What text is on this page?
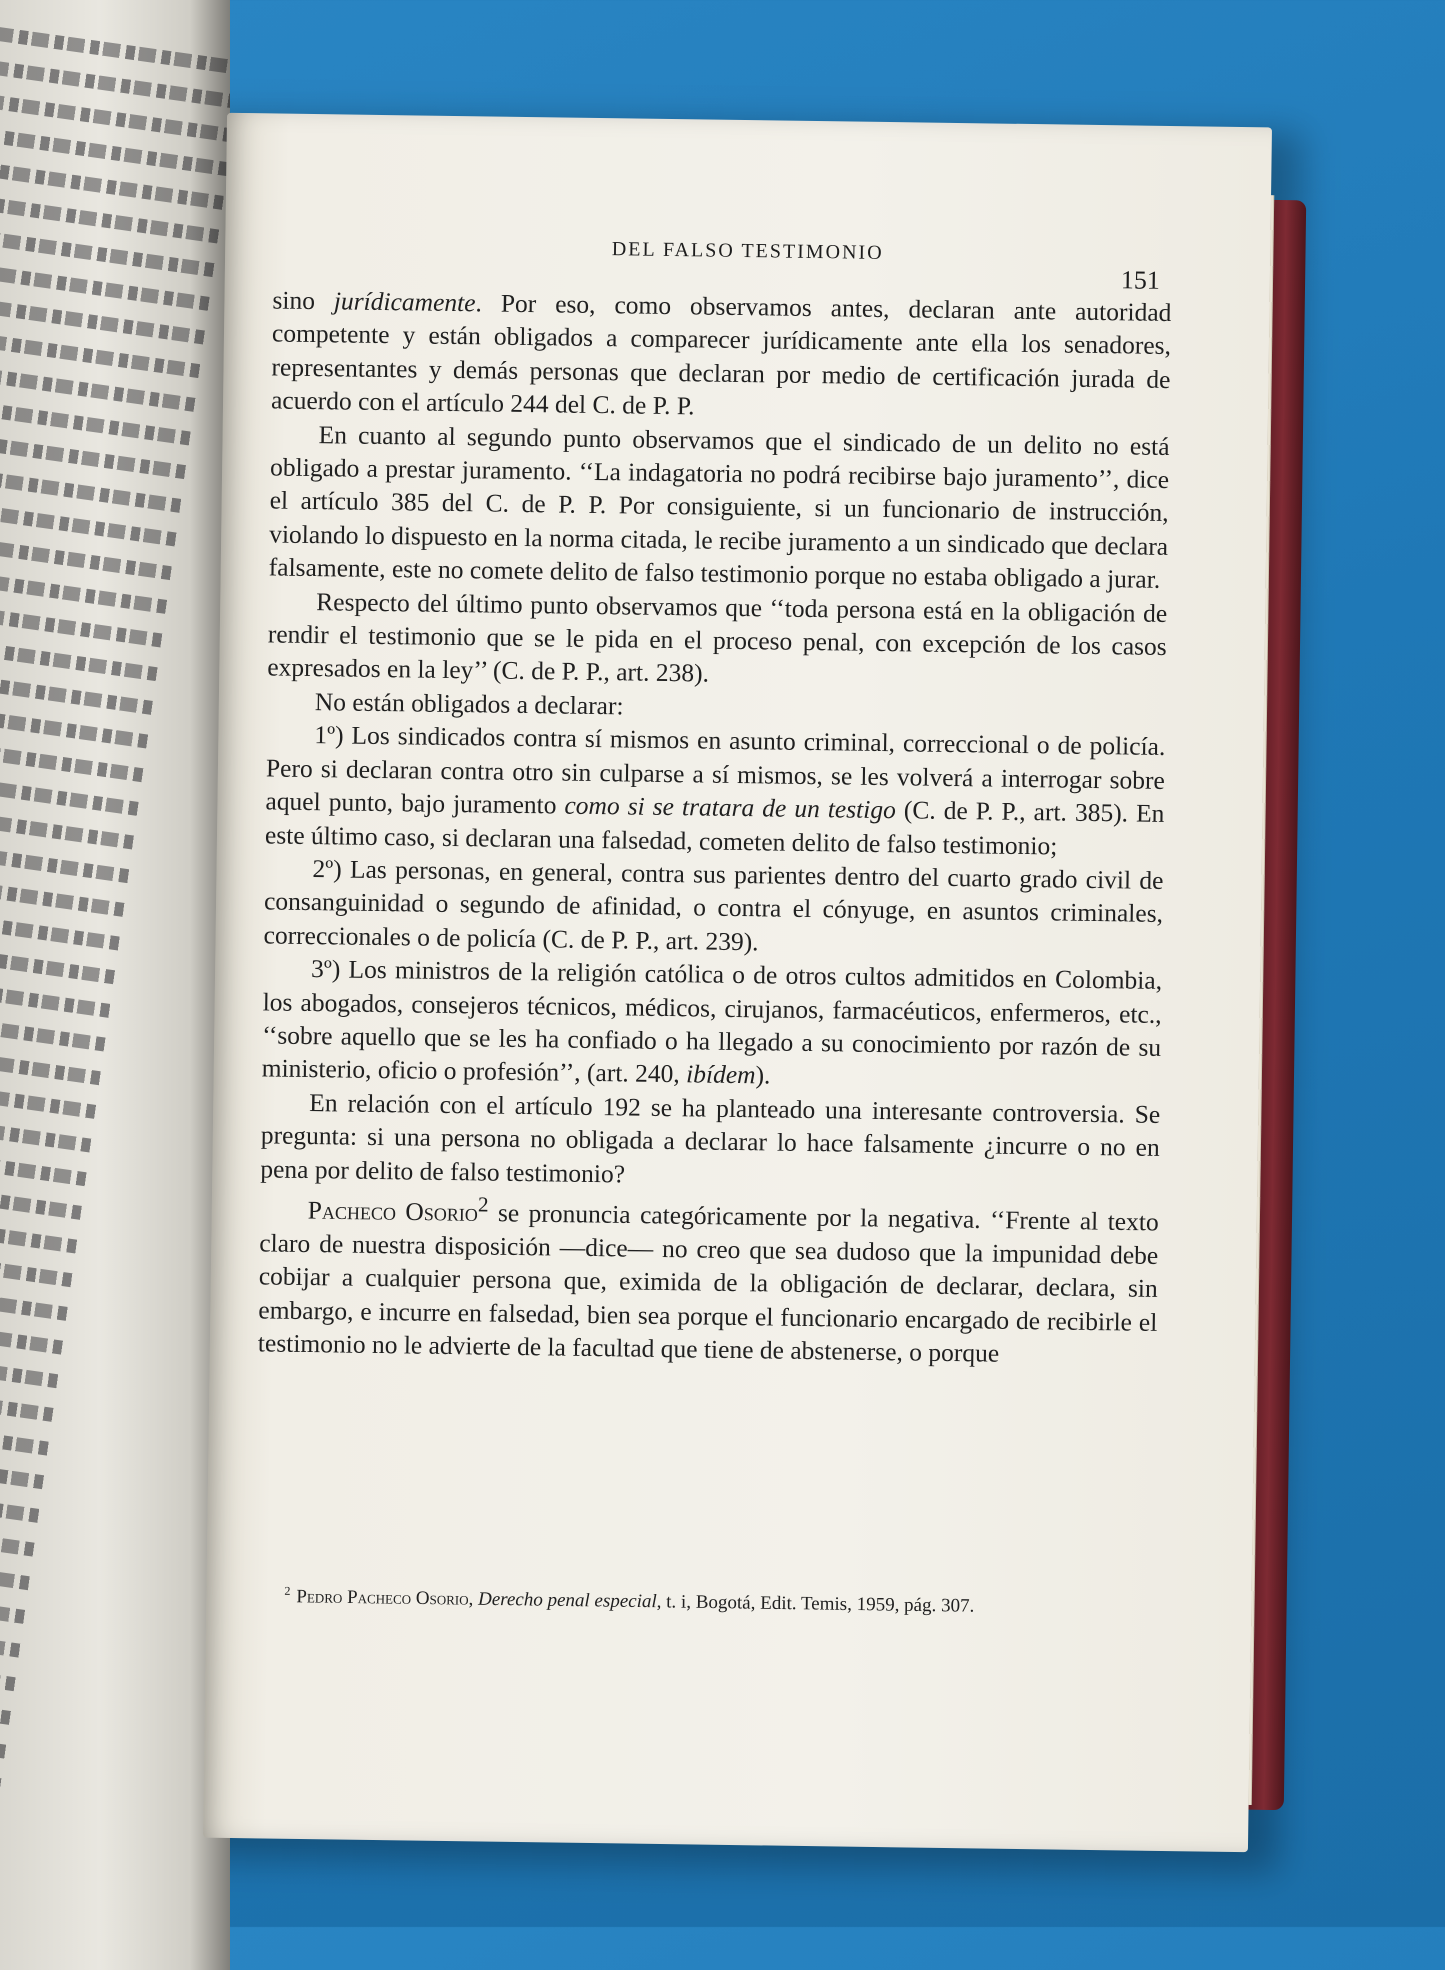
DEL FALSO TESTIMONIO
151

sino jurídicamente. Por eso, como observamos antes, declaran ante autoridad competente y están obligados a comparecer jurídicamente ante ella los senadores, representantes y demás personas que declaran por medio de certificación jurada de acuerdo con el artículo 244 del C. de P. P.

En cuanto al segundo punto observamos que el sindicado de un delito no está obligado a prestar juramento. ‘‘La indagatoria no podrá recibirse bajo juramento’’, dice el artículo 385 del C. de P. P. Por consiguiente, si un funcionario de instrucción, violando lo dispuesto en la norma citada, le recibe juramento a un sindicado que declara falsamente, este no comete delito de falso testimonio porque no estaba obligado a jurar.

Respecto del último punto observamos que ‘‘toda persona está en la obligación de rendir el testimonio que se le pida en el proceso penal, con excepción de los casos expresados en la ley’’ (C. de P. P., art. 238).

No están obligados a declarar:

1º) Los sindicados contra sí mismos en asunto criminal, correccional o de policía. Pero si declaran contra otro sin culparse a sí mismos, se les volverá a interrogar sobre aquel punto, bajo juramento como si se tratara de un testigo (C. de P. P., art. 385). En este último caso, si declaran una falsedad, cometen delito de falso testimonio;

2º) Las personas, en general, contra sus parientes dentro del cuarto grado civil de consanguinidad o segundo de afinidad, o contra el cónyuge, en asuntos criminales, correccionales o de policía (C. de P. P., art. 239).

3º) Los ministros de la religión católica o de otros cultos admitidos en Colombia, los abogados, consejeros técnicos, médicos, cirujanos, farmacéuticos, enfermeros, etc., ‘‘sobre aquello que se les ha confiado o ha llegado a su conocimiento por razón de su ministerio, oficio o profesión’’, (art. 240, ibídem).

En relación con el artículo 192 se ha planteado una interesante controversia. Se pregunta: si una persona no obligada a declarar lo hace falsamente ¿incurre o no en pena por delito de falso testimonio?

Pacheco Osorio$^2$ se pronuncia categóricamente por la negativa. ‘‘Frente al texto claro de nuestra disposición —dice— no creo que sea dudoso que la impunidad debe cobijar a cualquier persona que, eximida de la obligación de declarar, declara, sin embargo, e incurre en falsedad, bien sea porque el funcionario encargado de recibirle el testimonio no le advierte de la facultad que tiene de abstenerse, o porque

$^2$ Pedro Pacheco Osorio, Derecho penal especial, t. i, Bogotá, Edit. Temis, 1959, pág. 307.
